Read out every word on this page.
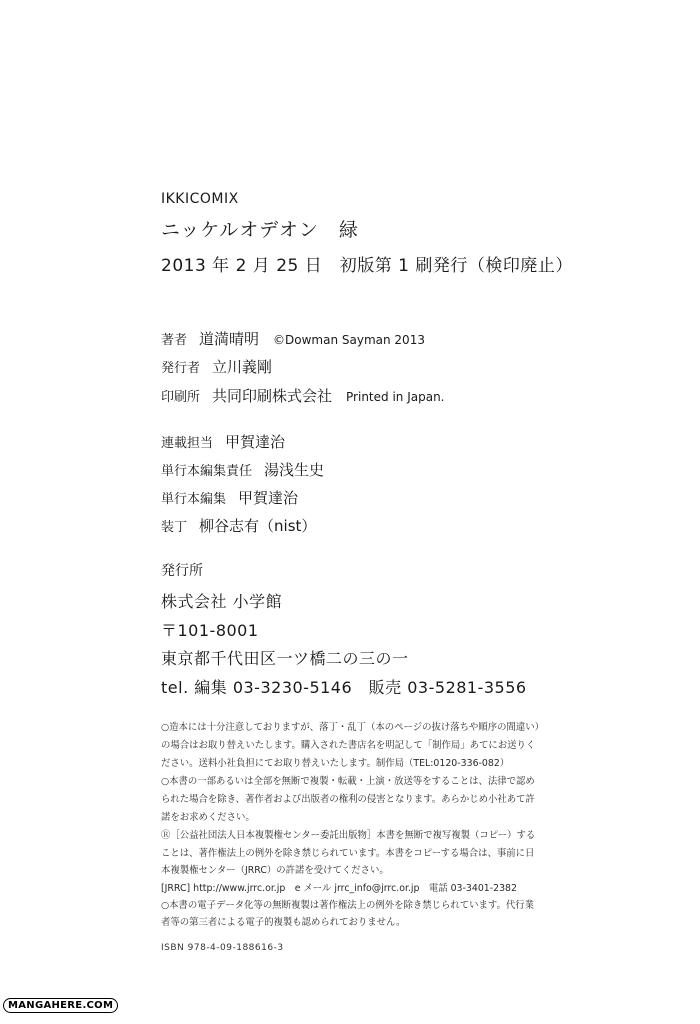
IKKICOMIX
ニッケルオデオン　緑
2013 年 2 月 25 日　初版第 1 刷発行（検印廃止）
著者 道満晴明 ©Dowman Sayman 2013
発行者 立川義剛
印刷所 共同印刷株式会社 Printed in Japan.
連載担当 甲賀達治
単行本編集責任 湯浅生史
単行本編集 甲賀達治
装丁 柳谷志有（nist）
発行所
株式会社 小学館
〒101-8001
東京都千代田区一ツ橋二の三の一
tel. 編集 03-3230-5146　販売 03-5281-3556
○造本には十分注意しておりますが、落丁・乱丁（本のページの抜け落ちや順序の間違い）
の場合はお取り替えいたします。購入された書店名を明記して「制作局」あてにお送りく
ださい。送料小社負担にてお取り替えいたします。制作局（TEL:0120-336-082）
○本書の一部あるいは全部を無断で複製・転載・上演・放送等をすることは、法律で認め
られた場合を除き、著作者および出版者の権利の侵害となります。あらかじめ小社あて許
諾をお求めください。
Ⓡ［公益社団法人日本複製権センター委託出版物］本書を無断で複写複製（コピー）する
ことは、著作権法上の例外を除き禁じられています。本書をコピーする場合は、事前に日
本複製権センター（JRRC）の許諾を受けてください。
[JRRC] http://www.jrrc.or.jp　e メール jrrc_info@jrrc.or.jp　電話 03-3401-2382
○本書の電子データ化等の無断複製は著作権法上の例外を除き禁じられています。代行業
者等の第三者による電子的複製も認められておりません。
ISBN 978-4-09-188616-3
MANGAHERE.COM
